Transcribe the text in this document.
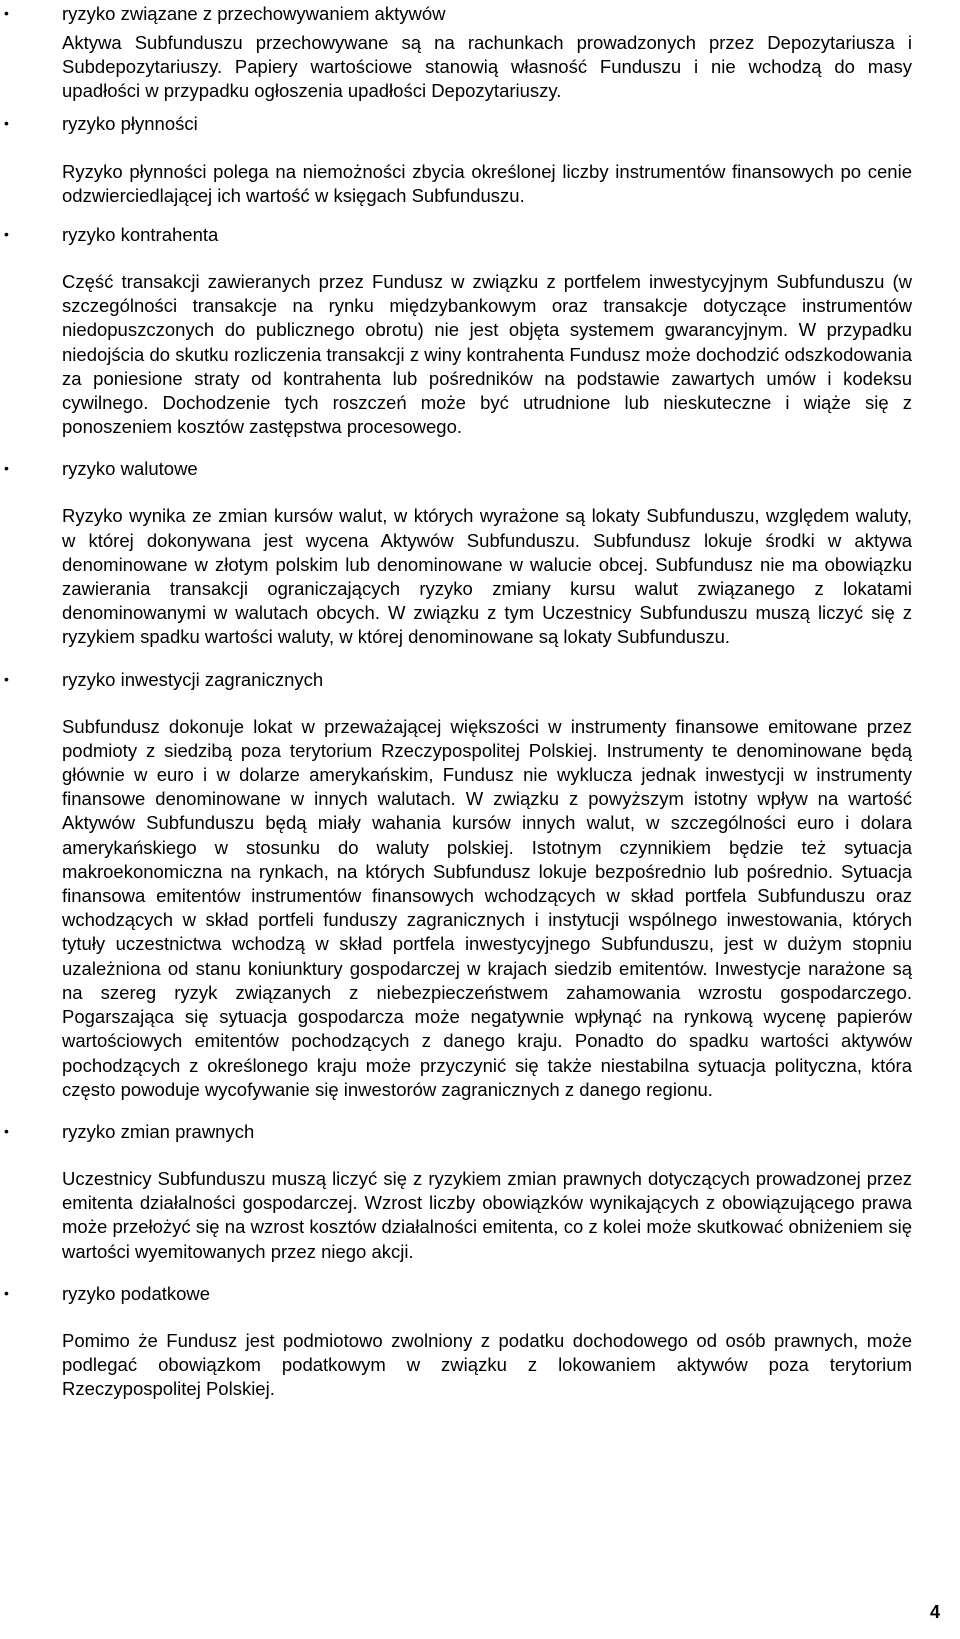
•	ryzyko związane z przechowywaniem aktywów

Aktywa Subfunduszu przechowywane są na rachunkach prowadzonych przez Depozytariusza i Subdepozytariuszy. Papiery wartościowe stanowią własność Funduszu i nie wchodzą do masy upadłości w przypadku ogłoszenia upadłości Depozytariuszy.

•	ryzyko płynności

Ryzyko płynności polega na niemożności zbycia określonej liczby instrumentów finansowych po cenie odzwierciedlającej ich wartość w księgach Subfunduszu.

•	ryzyko kontrahenta

Część transakcji zawieranych przez Fundusz w związku z portfelem inwestycyjnym Subfunduszu (w szczególności transakcje na rynku międzybankowym oraz transakcje dotyczące instrumentów niedopuszczonych do publicznego obrotu) nie jest objęta systemem gwarancyjnym. W przypadku niedojścia do skutku rozliczenia transakcji z winy kontrahenta Fundusz może dochodzić odszkodowania za poniesione straty od kontrahenta lub pośredników na podstawie zawartych umów i kodeksu cywilnego. Dochodzenie tych roszczeń może być utrudnione lub nieskuteczne i wiąże się z ponoszeniem kosztów zastępstwa procesowego.

•	ryzyko walutowe

Ryzyko wynika ze zmian kursów walut, w których wyrażone są lokaty Subfunduszu, względem waluty, w której dokonywana jest wycena Aktywów Subfunduszu. Subfundusz lokuje środki w aktywa denominowane w złotym polskim lub denominowane w walucie obcej. Subfundusz nie ma obowiązku zawierania transakcji ograniczających ryzyko zmiany kursu walut związanego z lokatami denominowanymi w walutach obcych. W związku z tym Uczestnicy Subfunduszu muszą liczyć się z ryzykiem spadku wartości waluty, w której denominowane są lokaty Subfunduszu.

•	ryzyko inwestycji zagranicznych

Subfundusz dokonuje lokat w przeważającej większości w instrumenty finansowe emitowane przez podmioty z siedzibą poza terytorium Rzeczypospolitej Polskiej. Instrumenty te denominowane będą głównie w euro i w dolarze amerykańskim, Fundusz nie wyklucza jednak inwestycji w instrumenty finansowe denominowane w innych walutach. W związku z powyższym istotny wpływ na wartość Aktywów Subfunduszu będą miały wahania kursów innych walut, w szczególności euro i dolara amerykańskiego w stosunku do waluty polskiej. Istotnym czynnikiem będzie też sytuacja makroekonomiczna na rynkach, na których Subfundusz lokuje bezpośrednio lub pośrednio. Sytuacja finansowa emitentów instrumentów finansowych wchodzących w skład portfela Subfunduszu oraz wchodzących w skład portfeli funduszy zagranicznych i instytucji wspólnego inwestowania, których tytuły uczestnictwa wchodzą w skład portfela inwestycyjnego Subfunduszu, jest w dużym stopniu uzależniona od stanu koniunktury gospodarczej w krajach siedzib emitentów. Inwestycje narażone są na szereg ryzyk związanych z niebezpieczeństwem zahamowania wzrostu gospodarczego. Pogarszająca się sytuacja gospodarcza może negatywnie wpłynąć na rynkową wycenę papierów wartościowych emitentów pochodzących z danego kraju. Ponadto do spadku wartości aktywów pochodzących z określonego kraju może przyczynić się także niestabilna sytuacja polityczna, która często powoduje wycofywanie się inwestorów zagranicznych z danego regionu.

•	ryzyko zmian prawnych

Uczestnicy Subfunduszu muszą liczyć się z ryzykiem zmian prawnych dotyczących prowadzonej przez emitenta działalności gospodarczej. Wzrost liczby obowiązków wynikających z obowiązującego prawa może przełożyć się na wzrost kosztów działalności emitenta, co z kolei może skutkować obniżeniem się wartości wyemitowanych przez niego akcji.

•	ryzyko podatkowe

Pomimo że Fundusz jest podmiotowo zwolniony z podatku dochodowego od osób prawnych, może podlegać obowiązkom podatkowym w związku z lokowaniem aktywów poza terytorium Rzeczypospolitej Polskiej.

4
